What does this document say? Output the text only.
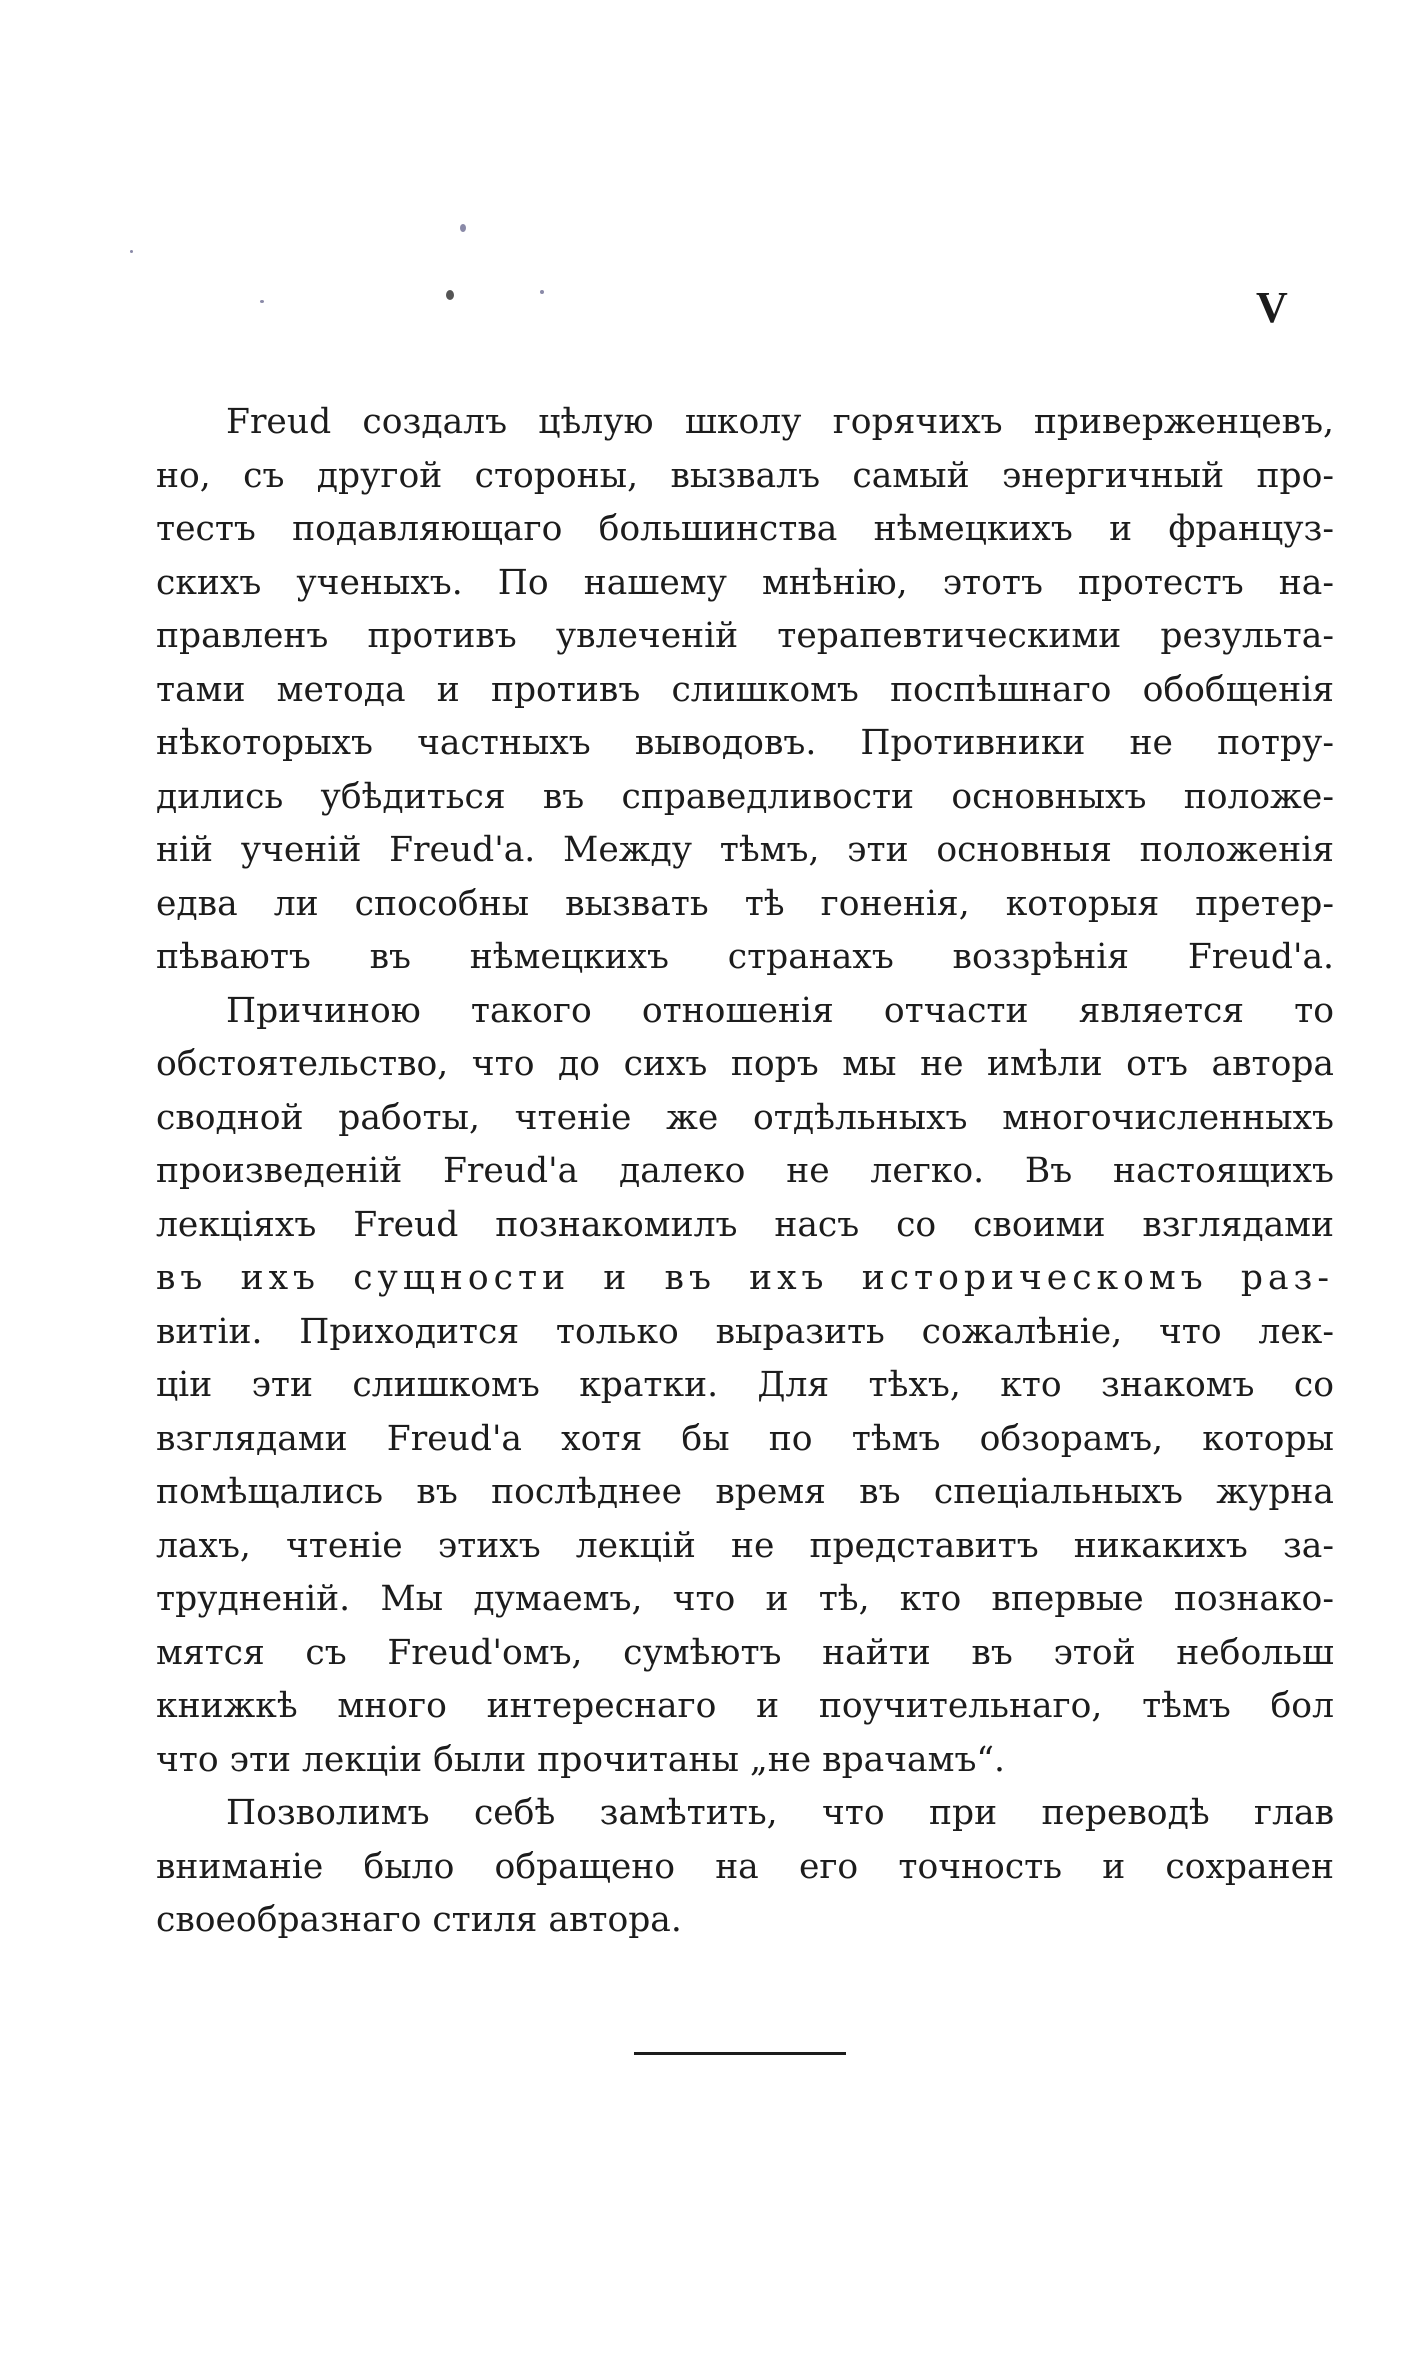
V
Freud создалъ цѣлую школу горячихъ приверженцевъ,
но, съ другой стороны, вызвалъ самый энергичный про-
тестъ подавляющаго большинства нѣмецкихъ и француз-
скихъ ученыхъ. По нашему мнѣнію, этотъ протестъ на-
правленъ противъ увлеченій терапевтическими результа-
тами метода и противъ слишкомъ поспѣшнаго обобщенія
нѣкоторыхъ частныхъ выводовъ. Противники не потру-
дились убѣдиться въ справедливости основныхъ положе-
ній ученій Freud'а. Между тѣмъ, эти основныя положенія
едва ли способны вызвать тѣ гоненія, которыя претер-
пѣваютъ въ нѣмецкихъ странахъ воззрѣнія Freud'а.
Причиною такого отношенія отчасти является то
обстоятельство, что до сихъ поръ мы не имѣли отъ автора
сводной работы, чтеніе же отдѣльныхъ многочисленныхъ
произведеній Freud'а далеко не легко. Въ настоящихъ
лекціяхъ Freud познакомилъ насъ со своими взглядами
въ ихъ сущности и въ ихъ историческомъ раз-
витіи. Приходится только выразить сожалѣніе, что лек-
ціи эти слишкомъ кратки. Для тѣхъ, кто знакомъ со
взглядами Freud'а хотя бы по тѣмъ обзорамъ, которы
помѣщались въ послѣднее время въ спеціальныхъ журна
лахъ, чтеніе этихъ лекцій не представитъ никакихъ за-
трудненій. Мы думаемъ, что и тѣ, кто впервые познако-
мятся съ Freud'омъ, сумѣютъ найти въ этой небольш
книжкѣ много интереснаго и поучительнаго, тѣмъ бол
что эти лекціи были прочитаны „не врачамъ“.
Позволимъ себѣ замѣтить, что при переводѣ глав
вниманіе было обращено на его точность и сохранен
своеобразнаго стиля автора.
